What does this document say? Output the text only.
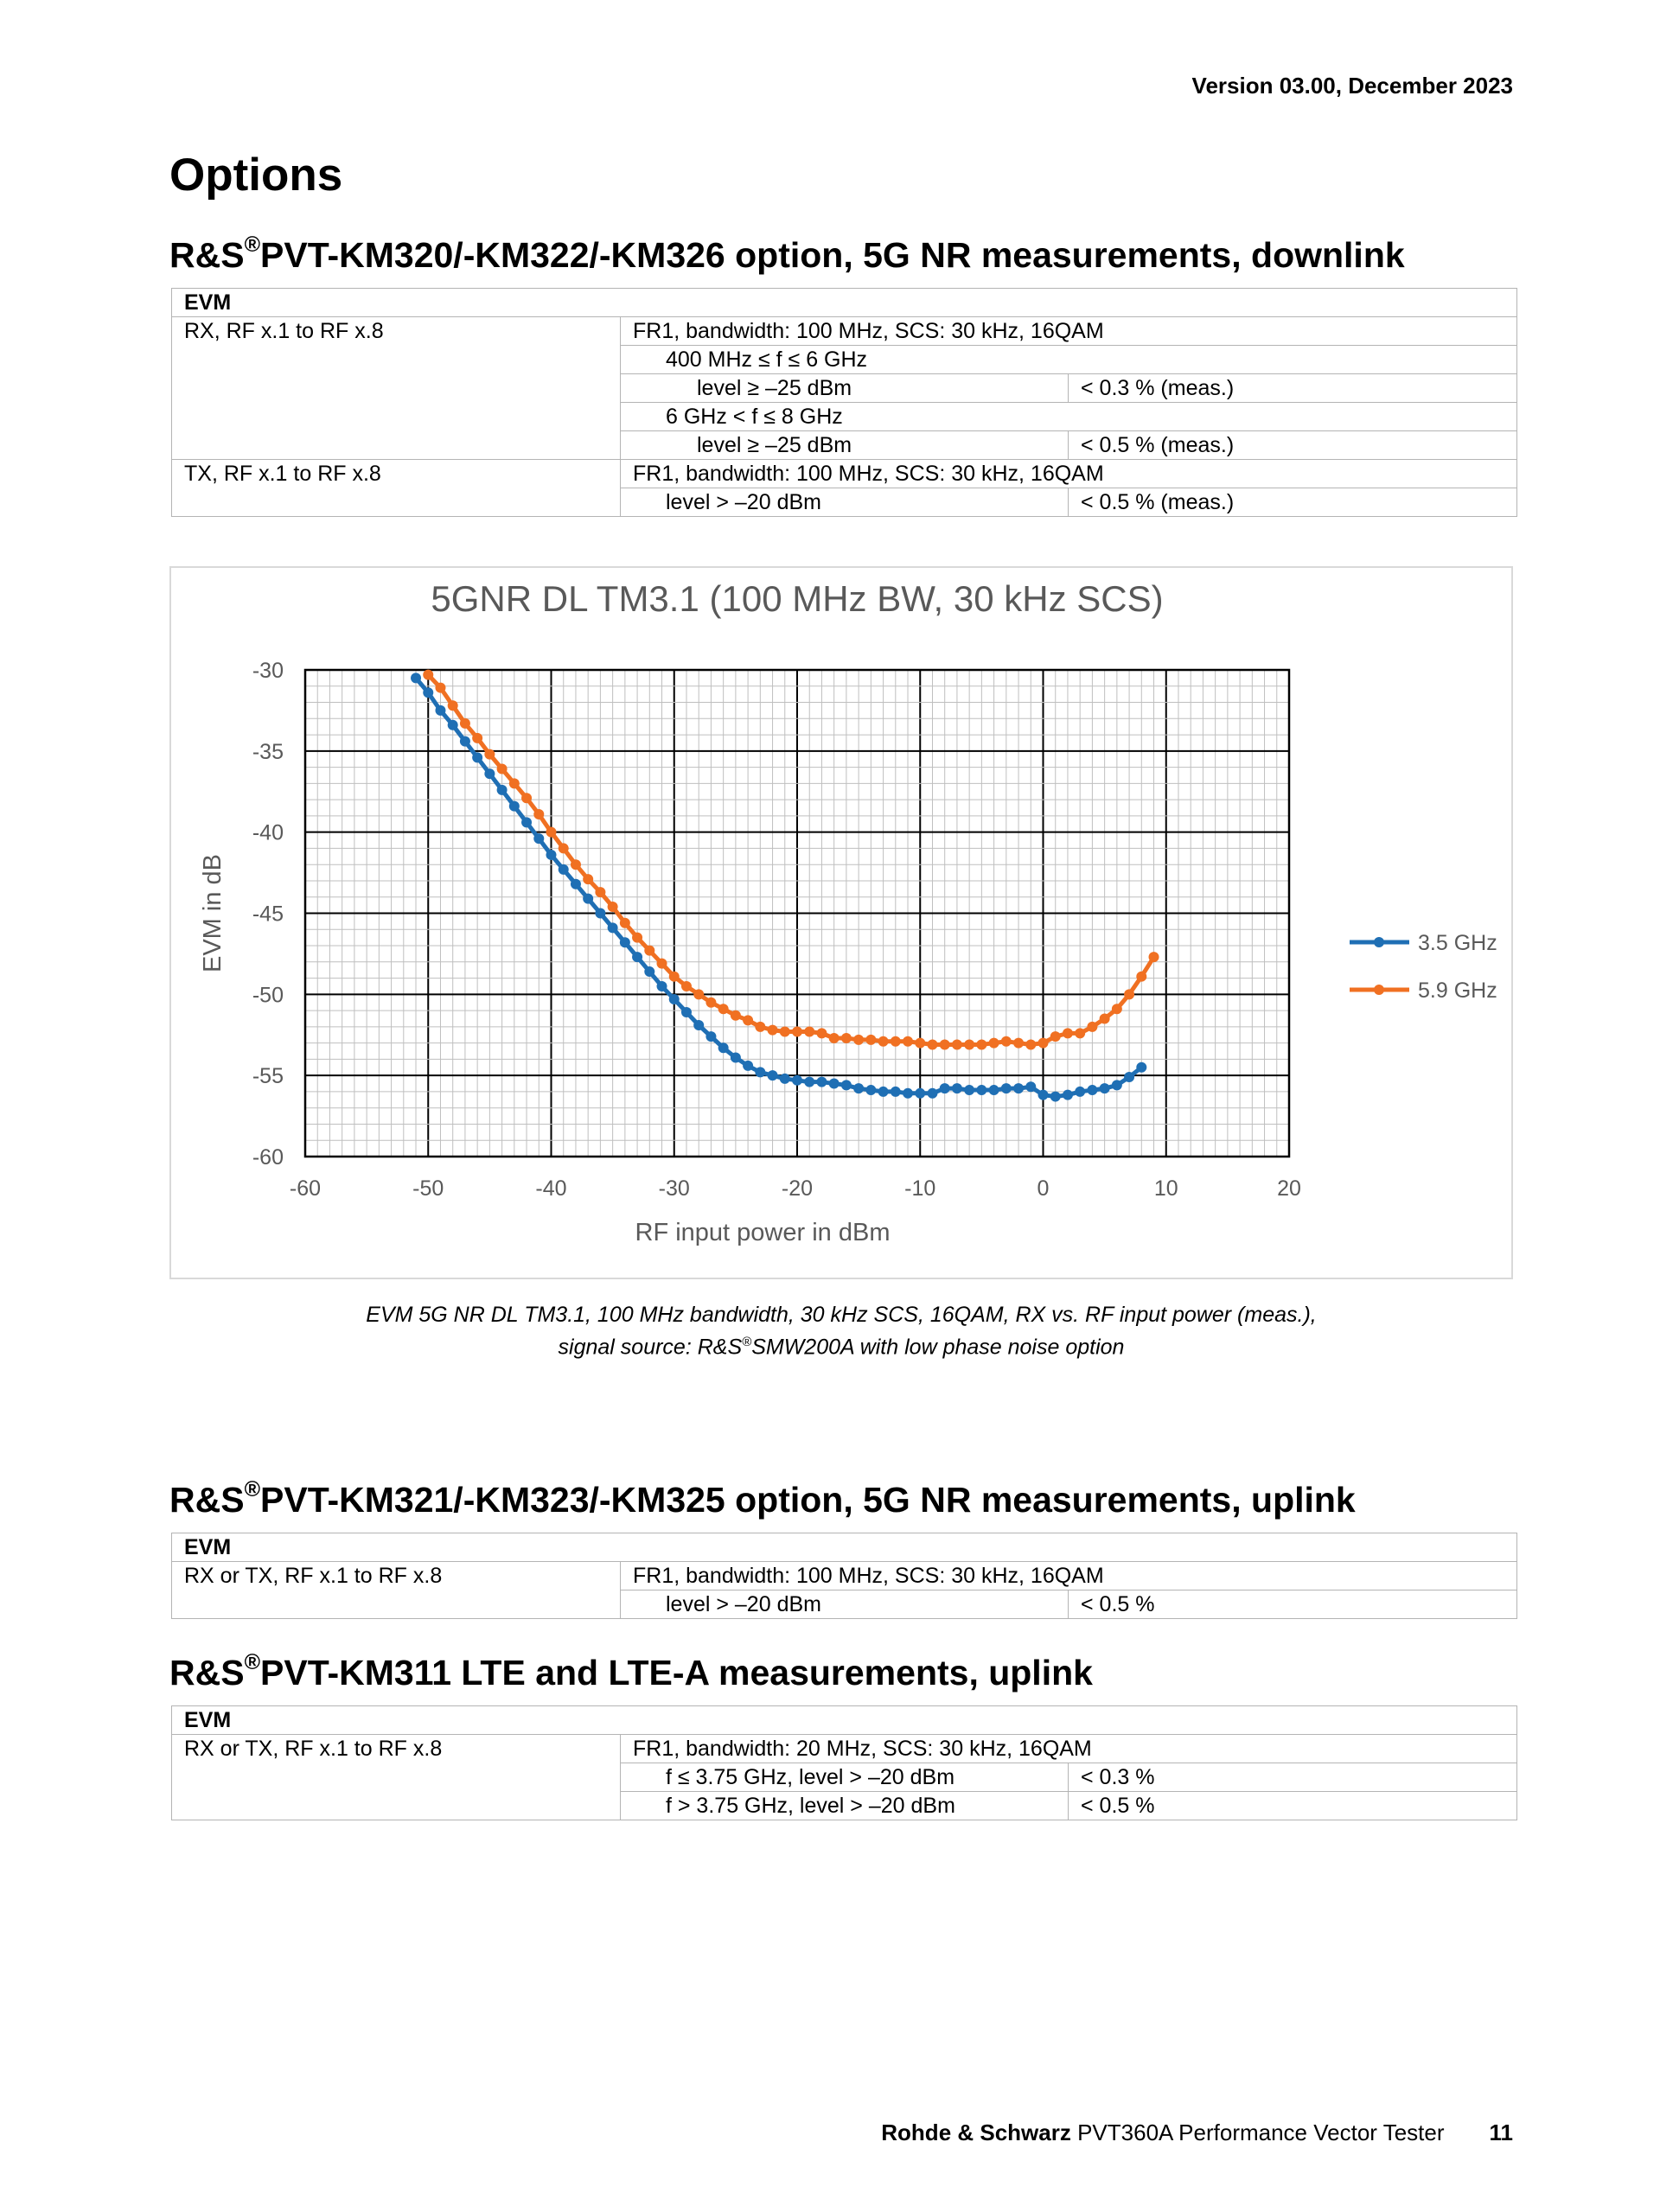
Version 03.00, December 2023
Options
R&S®PVT-KM320/-KM322/-KM326 option, 5G NR measurements, downlink
EVM		
RX, RF x.1 to RF x.8	FR1, bandwidth: 100 MHz, SCS: 30 kHz, 16QAM	
	400 MHz ≤ f ≤ 6 GHz	
	level ≥ –25 dBm	< 0.3 % (meas.)
	6 GHz < f ≤ 8 GHz	
	level ≥ –25 dBm	< 0.5 % (meas.)
TX, RF x.1 to RF x.8	FR1, bandwidth: 100 MHz, SCS: 30 kHz, 16QAM	
	level > –20 dBm	< 0.5 % (meas.)
5GNR DL TM3.1 (100 MHz BW, 30 kHz SCS)
-60	-50	-40	-30	-20	-10	0	10	20
-30
-35
-40
-45
-50
-55
-60
RF input power in dBm
EVM in dB	3.5 GHz
5.9 GHz
EVM 5G NR DL TM3.1, 100 MHz bandwidth, 30 kHz SCS, 16QAM, RX vs. RF input power (meas.),
signal source: R&S®SMW200A with low phase noise option
R&S®PVT-KM321/-KM323/-KM325 option, 5G NR measurements, uplink
EVM		
RX or TX, RF x.1 to RF x.8	FR1, bandwidth: 100 MHz, SCS: 30 kHz, 16QAM	
	level > –20 dBm	< 0.5 %
R&S®PVT-KM311 LTE and LTE-A measurements, uplink
EVM		
RX or TX, RF x.1 to RF x.8	FR1, bandwidth: 20 MHz, SCS: 30 kHz, 16QAM	
	f ≤ 3.75 GHz, level > –20 dBm	< 0.3 %
	f > 3.75 GHz, level > –20 dBm	< 0.5 %
Rohde & Schwarz PVT360A Performance Vector Tester 11
